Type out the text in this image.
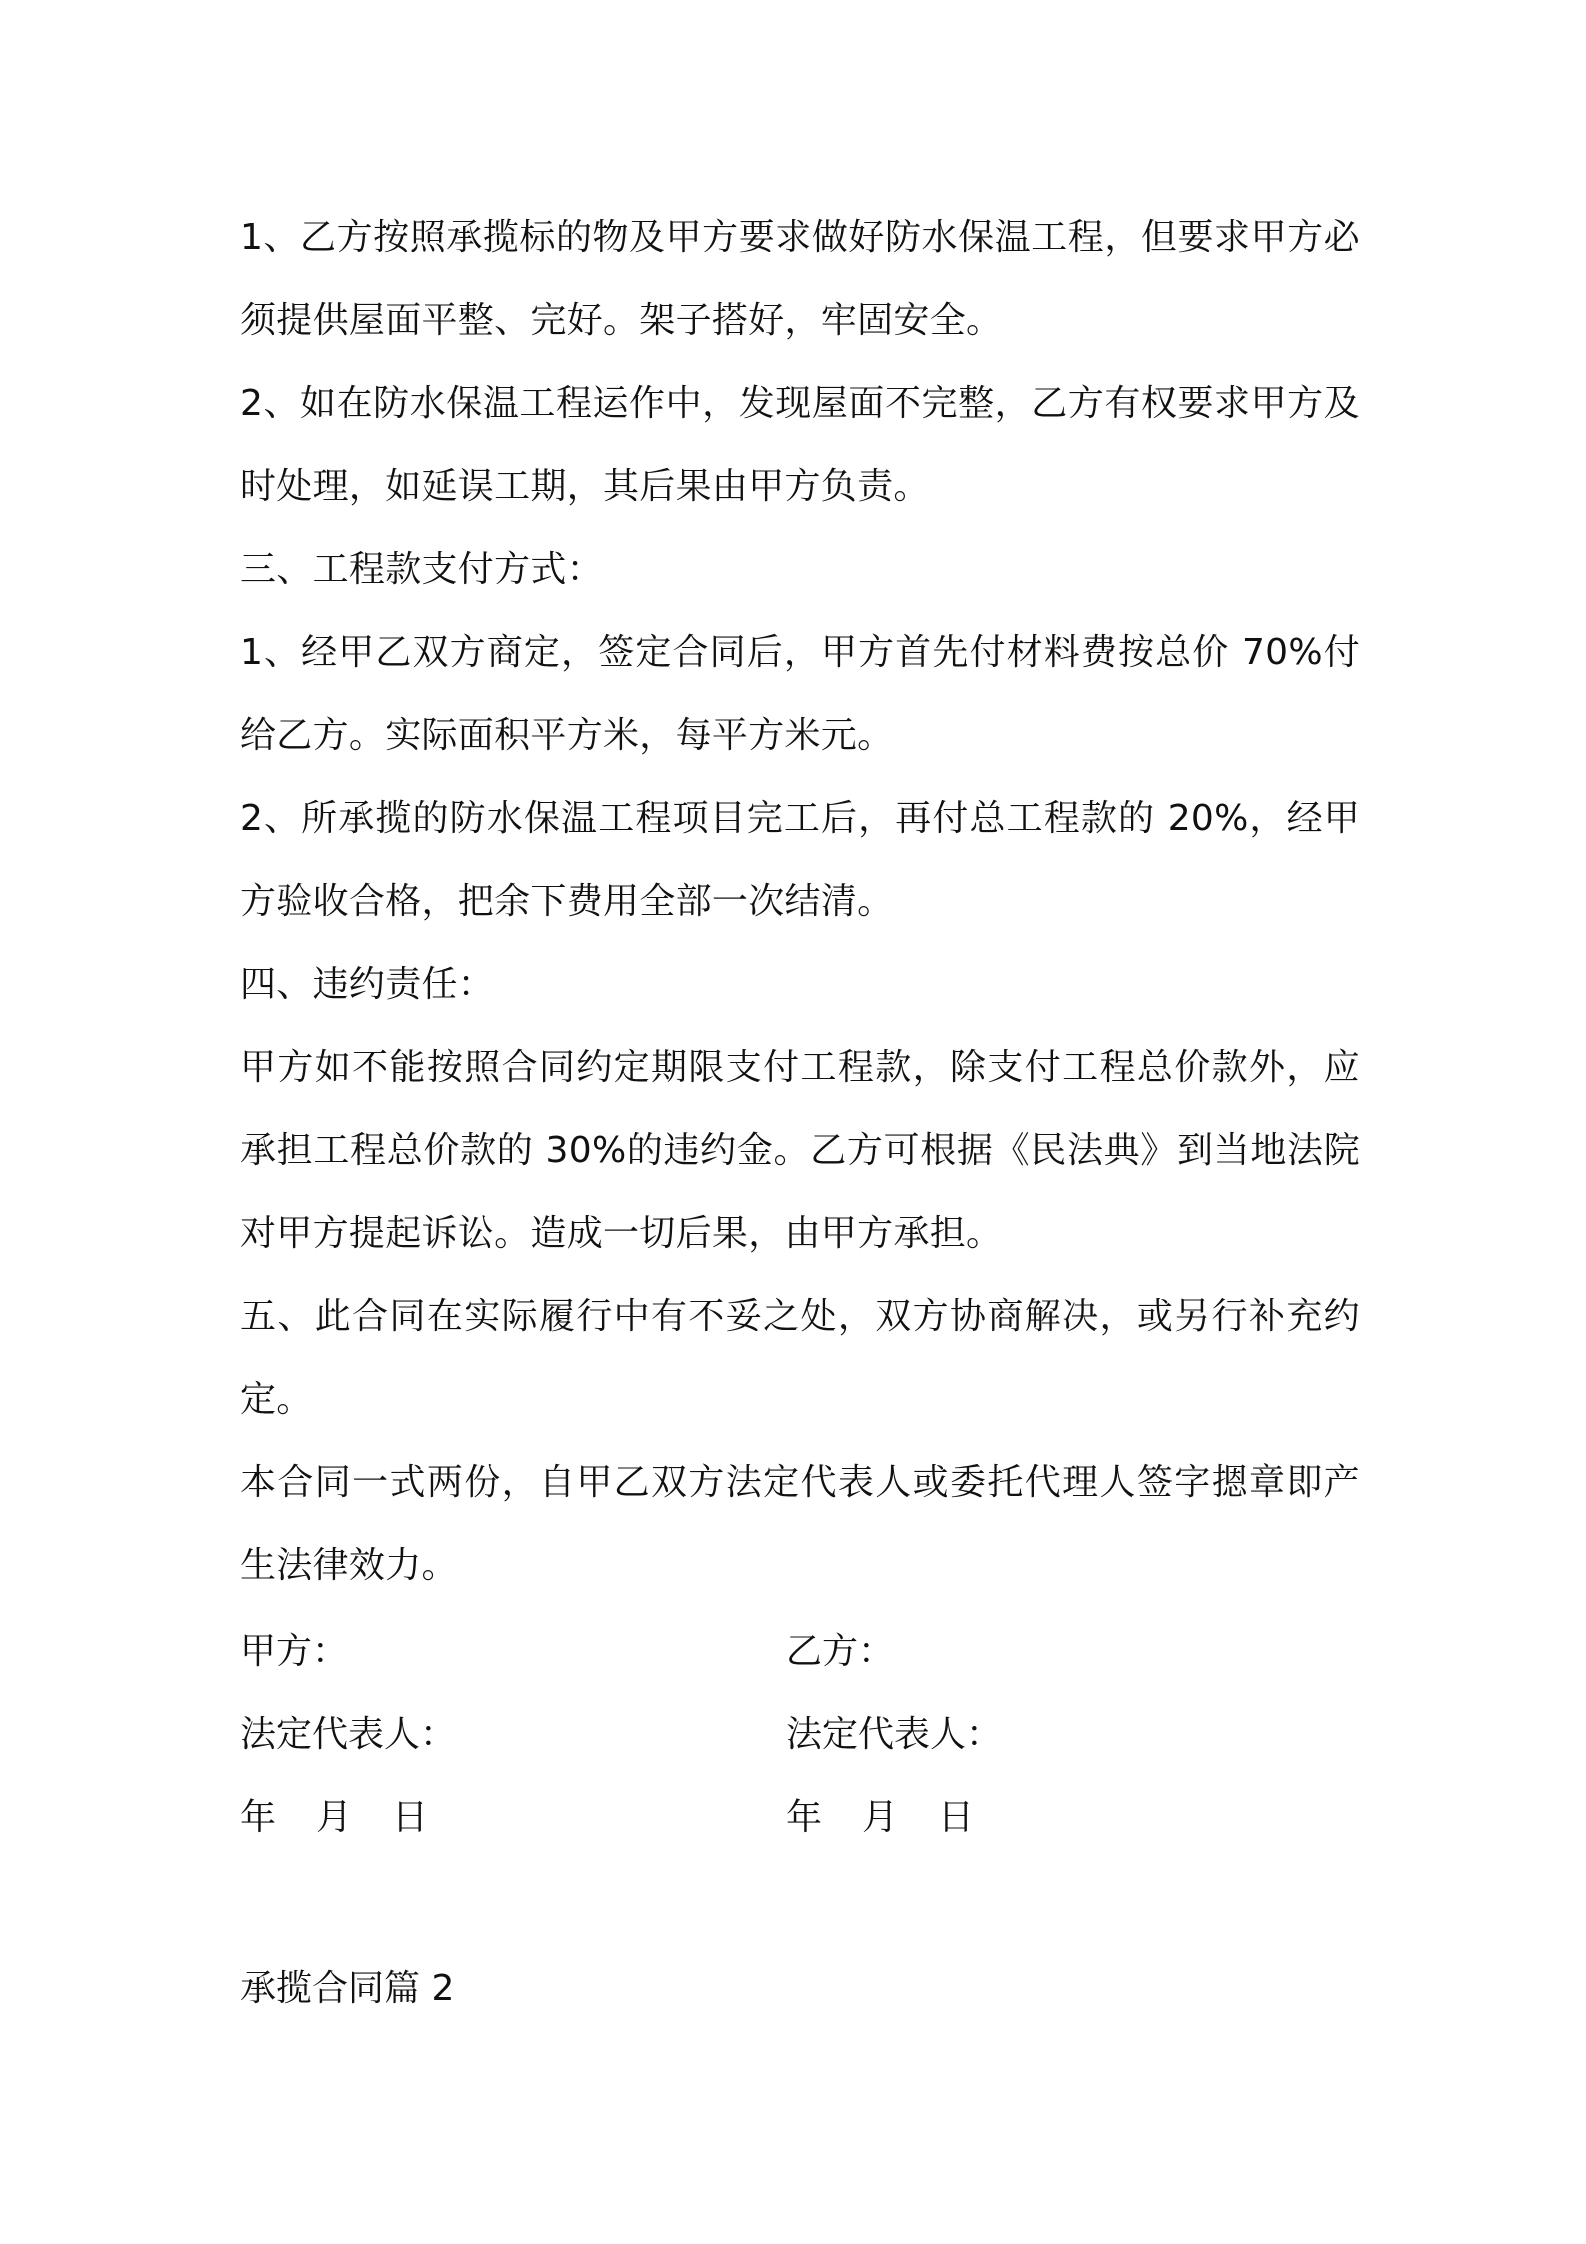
1、乙方按照承揽标的物及甲方要求做好防水保温工程，但要求甲方必须提供屋面平整、完好。架子搭好，牢固安全。

2、如在防水保温工程运作中，发现屋面不完整，乙方有权要求甲方及时处理，如延误工期，其后果由甲方负责。

三、工程款支付方式：

1、经甲乙双方商定，签定合同后，甲方首先付材料费按总价 70%付给乙方。实际面积平方米，每平方米元。

2、所承揽的防水保温工程项目完工后，再付总工程款的 20%，经甲方验收合格，把余下费用全部一次结清。

四、违约责任：

甲方如不能按照合同约定期限支付工程款，除支付工程总价款外，应承担工程总价款的 30%的违约金。乙方可根据《民法典》到当地法院对甲方提起诉讼。造成一切后果，由甲方承担。

五、此合同在实际履行中有不妥之处，双方协商解决，或另行补充约定。

本合同一式两份，自甲乙双方法定代表人或委托代理人签字摁章即产生法律效力。

甲方：	乙方：
法定代表人：	法定代表人：
年 月 日	年 月 日

承揽合同篇 2
